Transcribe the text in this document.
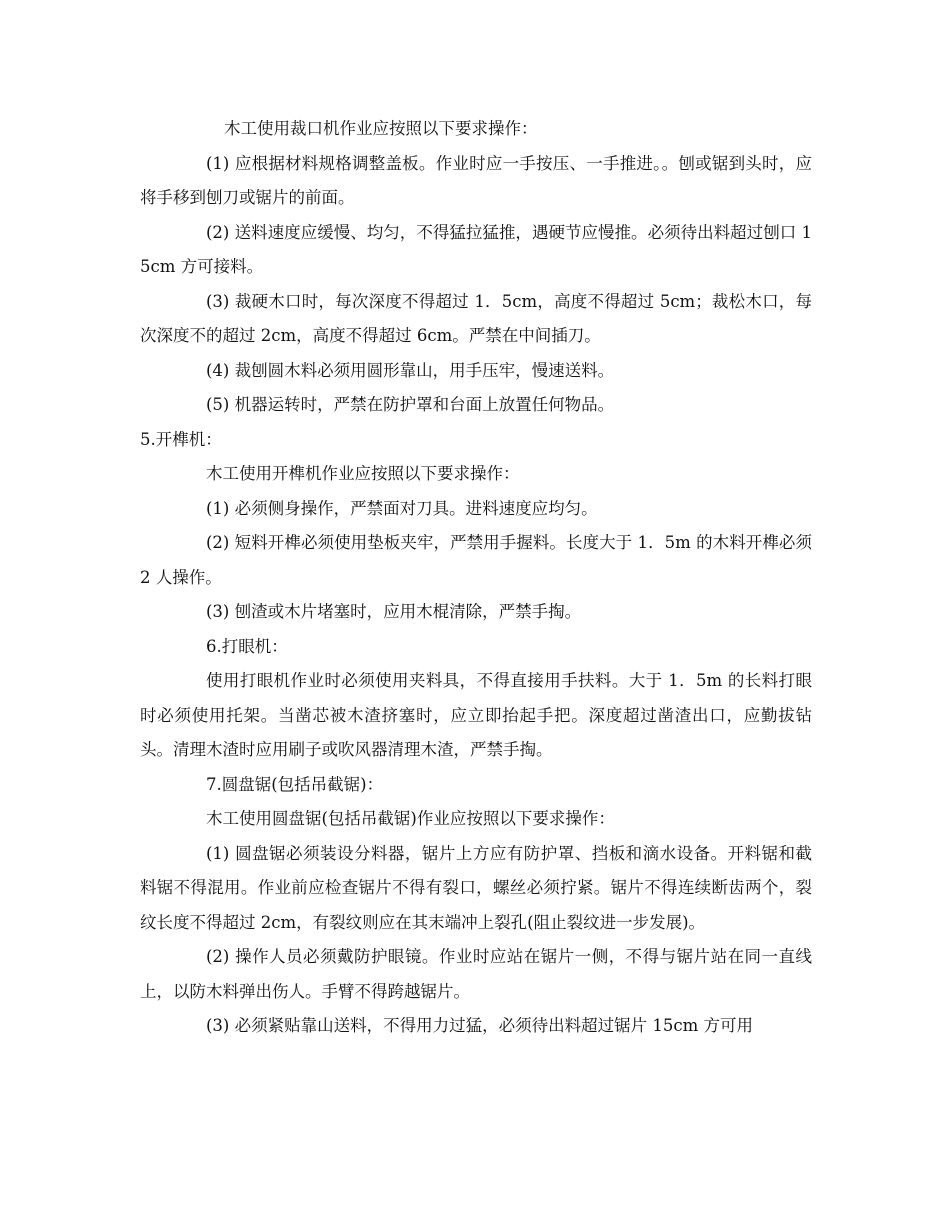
木工使用裁口机作业应按照以下要求操作：

(1) 应根据材料规格调整盖板。作业时应一手按压、一手推进。。刨或锯到头时，应将手移到刨刀或锯片的前面。

(2) 送料速度应缓慢、均匀，不得猛拉猛推，遇硬节应慢推。必须待出料超过刨口 15cm 方可接料。

(3) 裁硬木口时，每次深度不得超过 1．5cm，高度不得超过 5cm；裁松木口，每次深度不的超过 2cm，高度不得超过 6cm。严禁在中间插刀。

(4) 裁刨圆木料必须用圆形靠山，用手压牢，慢速送料。

(5) 机器运转时，严禁在防护罩和台面上放置任何物品。

5.开榫机：

木工使用开榫机作业应按照以下要求操作：

(1) 必须侧身操作，严禁面对刀具。进料速度应均匀。

(2) 短料开榫必须使用垫板夹牢，严禁用手握料。长度大于 1．5m 的木料开榫必须 2 人操作。

(3) 刨渣或木片堵塞时，应用木棍清除，严禁手掏。

6.打眼机：

使用打眼机作业时必须使用夹料具，不得直接用手扶料。大于 1．5m 的长料打眼时必须使用托架。当凿芯被木渣挤塞时，应立即抬起手把。深度超过凿渣出口，应勤拔钻头。清理木渣时应用刷子或吹风器清理木渣，严禁手掏。

7.圆盘锯(包括吊截锯)：

木工使用圆盘锯(包括吊截锯)作业应按照以下要求操作：

(1) 圆盘锯必须装设分料器，锯片上方应有防护罩、挡板和滴水设备。开料锯和截料锯不得混用。作业前应检查锯片不得有裂口，螺丝必须拧紧。锯片不得连续断齿两个，裂纹长度不得超过 2cm，有裂纹则应在其末端冲上裂孔(阻止裂纹进一步发展)。

(2) 操作人员必须戴防护眼镜。作业时应站在锯片一侧，不得与锯片站在同一直线上，以防木料弹出伤人。手臂不得跨越锯片。

(3) 必须紧贴靠山送料，不得用力过猛，必须待出料超过锯片 15cm 方可用
